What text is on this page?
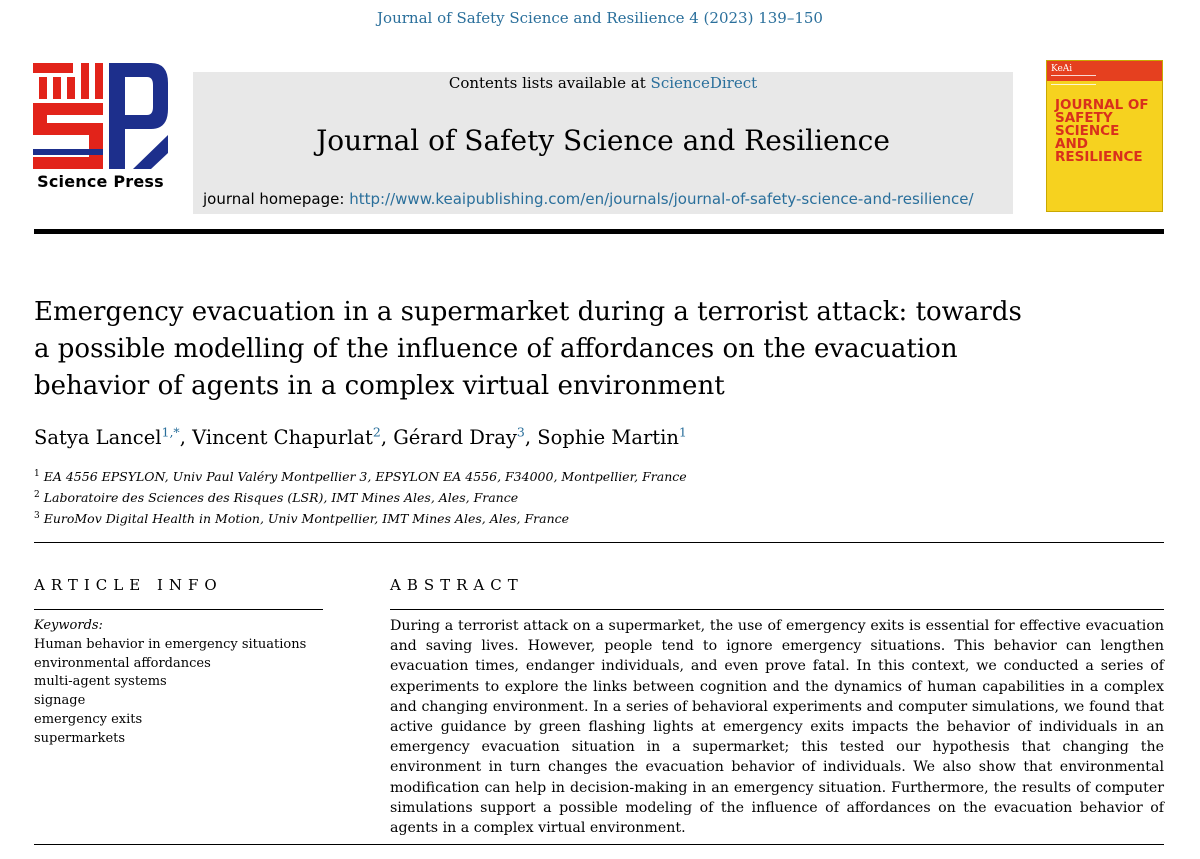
Journal of Safety Science and Resilience 4 (2023) 139–150
Science Press
Contents lists available at ScienceDirect
Journal of Safety Science and Resilience
journal homepage: http://www.keaipublishing.com/en/journals/journal-of-safety-science-and-resilience/
KeAi
JOURNAL OF
SAFETY SCIENCE
AND RESILIENCE
Emergency evacuation in a supermarket during a terrorist attack: towards a possible modelling of the influence of affordances on the evacuation behavior of agents in a complex virtual environment
Satya Lancel$^{1,*}$, Vincent Chapurlat$^2$, Gérard Dray$^3$, Sophie Martin$^1$
$^1$ EA 4556 EPSYLON, Univ Paul Valéry Montpellier 3, EPSYLON EA 4556, F34000, Montpellier, France
$^2$ Laboratoire des Sciences des Risques (LSR), IMT Mines Ales, Ales, France
$^3$ EuroMov Digital Health in Motion, Univ Montpellier, IMT Mines Ales, Ales, France
ARTICLE INFO	ABSTRACT
Keywords:
Human behavior in emergency situations
environmental affordances
multi-agent systems
signage
emergency exits
supermarkets
During a terrorist attack on a supermarket, the use of emergency exits is essential for effective evacuation and saving lives. However, people tend to ignore emergency situations. This behavior can lengthen evacuation times, endanger individuals, and even prove fatal. In this context, we conducted a series of experiments to explore the links between cognition and the dynamics of human capabilities in a complex and changing environment. In a series of behavioral experiments and computer simulations, we found that active guidance by green flashing lights at emergency exits impacts the behavior of individuals in an emergency evacuation situation in a supermarket; this tested our hypothesis that changing the environment in turn changes the evacuation behavior of individuals. We also show that environmental modification can help in decision-making in an emergency situation. Furthermore, the results of computer simulations support a possible modeling of the influence of affordances on the evacuation behavior of agents in a complex virtual environment.
